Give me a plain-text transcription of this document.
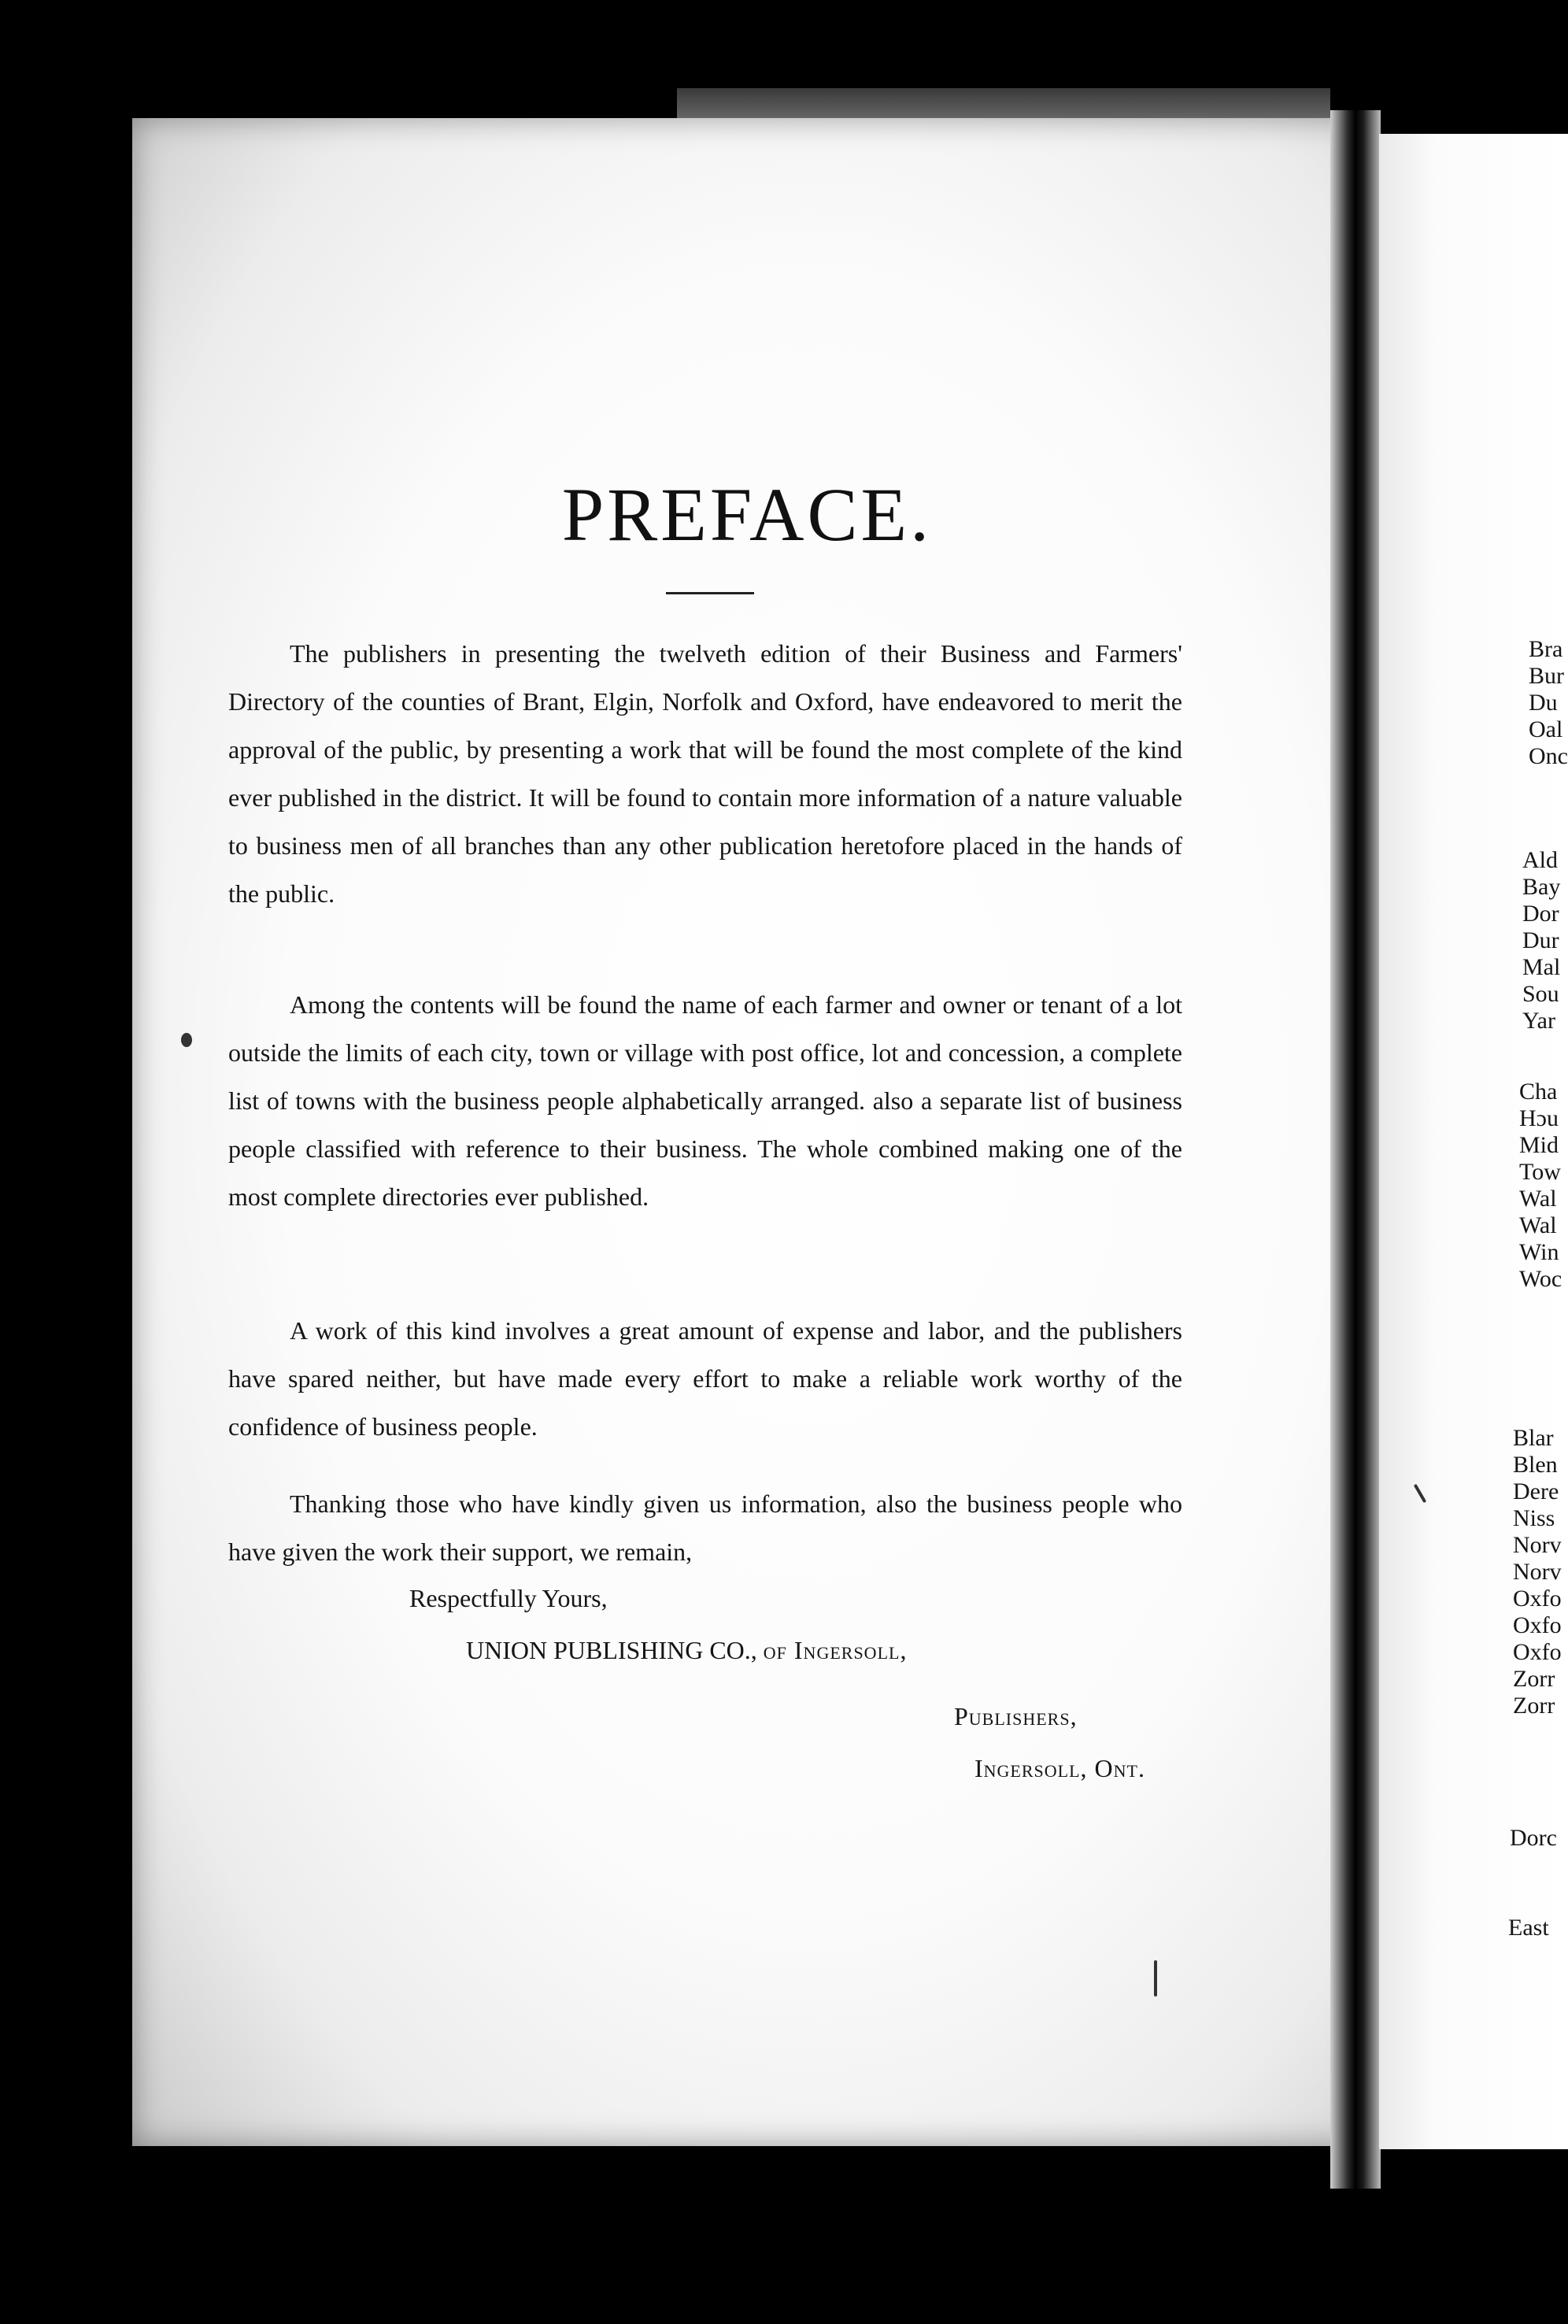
PREFACE.
The publishers in presenting the twelveth edition of their Business and Farmers' Directory of the counties of Brant, Elgin, Norfolk and Oxford, have endeavored to merit the approval of the public, by presenting a work that will be found the most complete of the kind ever published in the district. It will be found to contain more information of a nature valuable to business men of all branches than any other publication heretofore placed in the hands of the public.
Among the contents will be found the name of each farmer and owner or tenant of a lot outside the limits of each city, town or village with post office, lot and concession, a complete list of towns with the business people alphabetically arranged. also a separate list of business people classified with reference to their business. The whole combined making one of the most complete directories ever published.
A work of this kind involves a great amount of expense and labor, and the publishers have spared neither, but have made every effort to make a reliable work worthy of the confidence of business people.
Thanking those who have kindly given us information, also the business people who have given the work their support, we remain,
Respectfully Yours,
UNION PUBLISHING CO., of Ingersoll,
Publishers,
Ingersoll, Ont.
Bra
Bur
Du
Oal
Onc
Ald
Bay
Dor
Dur
Mal
Sou
Yar
Cha
Hɔu
Mid
Tow
Wal
Wal
Win
Woc
Blar
Blen
Dere
Niss
Norv
Norv
Oxfo
Oxfo
Oxfo
Zorr
Zorr
Dorc
East
